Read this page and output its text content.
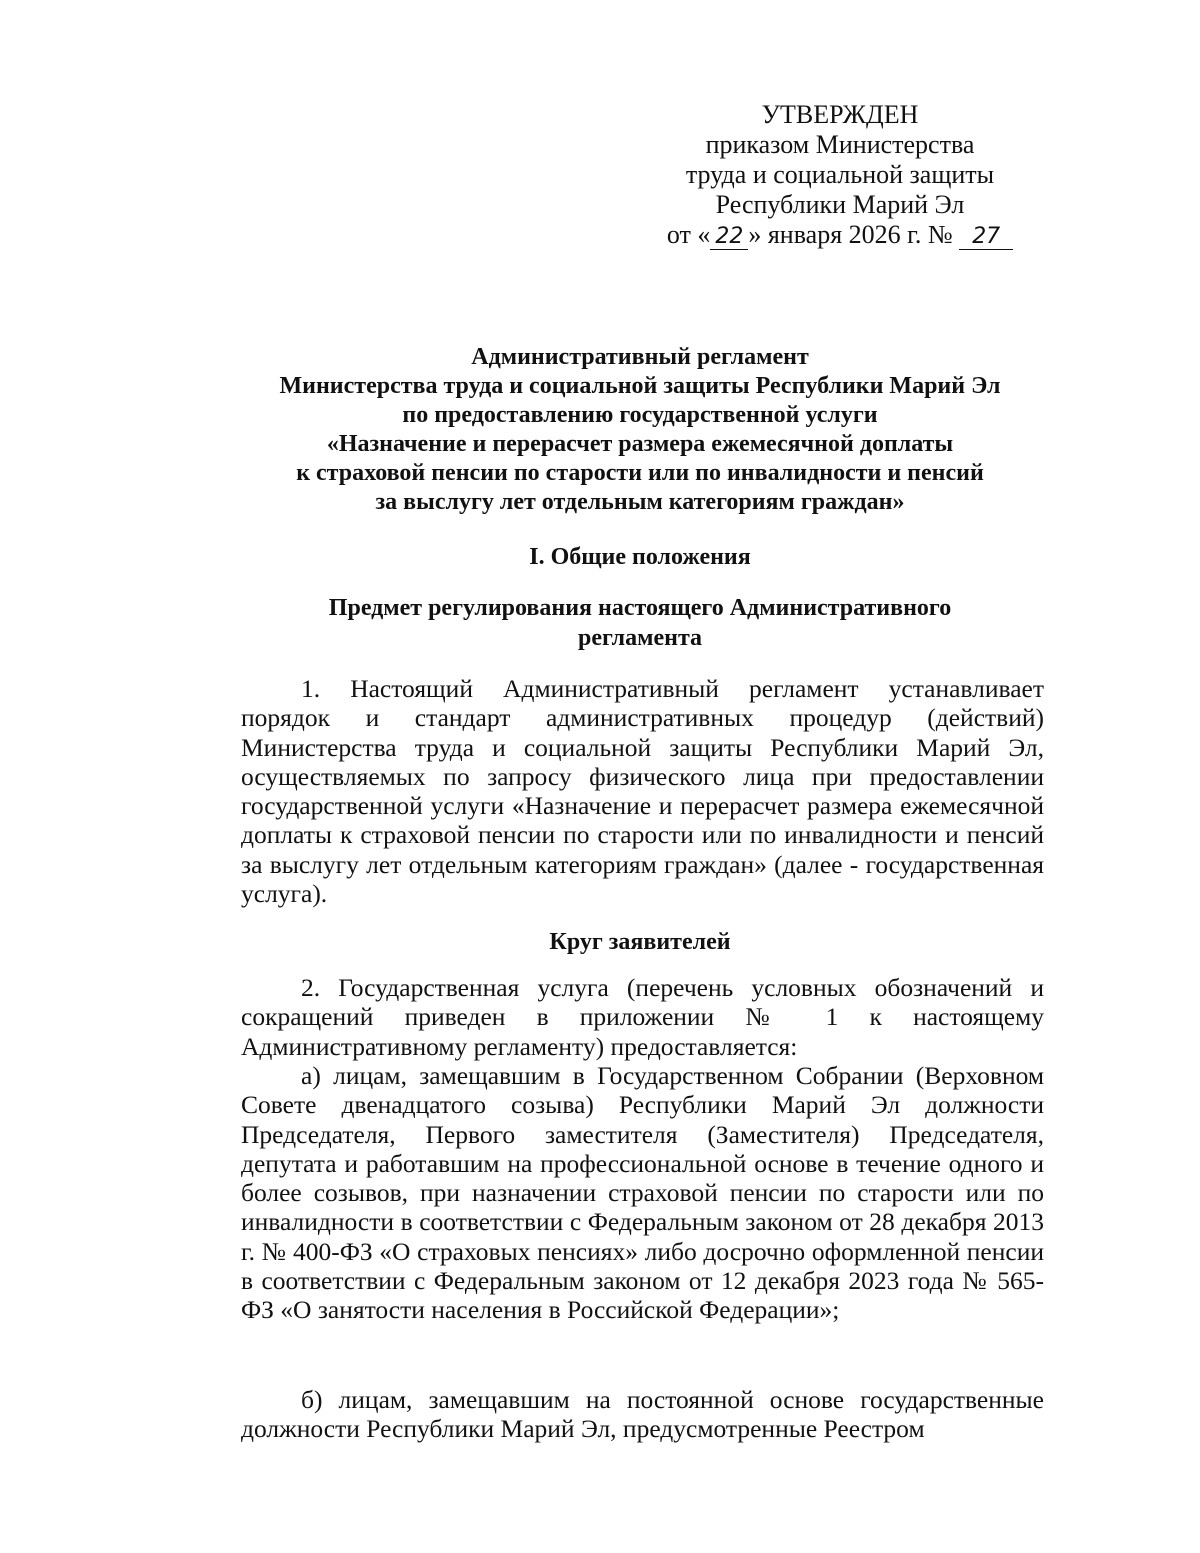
УТВЕРЖДЕН
приказом Министерства
труда и социальной защиты
Республики Марий Эл
от « 22 » января 2026 г. № 27
Административный регламент
Министерства труда и социальной защиты Республики Марий Эл
по предоставлению государственной услуги
«Назначение и перерасчет размера ежемесячной доплаты
к страховой пенсии по старости или по инвалидности и пенсий
за выслугу лет отдельным категориям граждан»
I. Общие положения
Предмет регулирования настоящего Административного
регламента

1. Настоящий Административный регламент устанавливает порядок и стандарт административных процедур (действий) Министерства труда и социальной защиты Республики Марий Эл, осуществляемых по запросу физического лица при предоставлении государственной услуги «Назначение и перерасчет размера ежемесячной доплаты к страховой пенсии по старости или по инвалидности и пенсий за выслугу лет отдельным категориям граждан» (далее - государственная услуга).

Круг заявителей

2. Государственная услуга (перечень условных обозначений и сокращений приведен в приложении № 1 к настоящему Административному регламенту) предоставляется:

а) лицам, замещавшим в Государственном Собрании (Верховном Совете двенадцатого созыва) Республики Марий Эл должности Председателя, Первого заместителя (Заместителя) Председателя, депутата и работавшим на профессиональной основе в течение одного и более созывов, при назначении страховой пенсии по старости или по инвалидности в соответствии с Федеральным законом от 28 декабря 2013 г. № 400-ФЗ «О страховых пенсиях» либо досрочно оформленной пенсии в соответствии с Федеральным законом от 12 декабря 2023 года № 565-ФЗ «О занятости населения в Российской Федерации»;

б) лицам, замещавшим на постоянной основе государственные должности Республики Марий Эл, предусмотренные Реестром
